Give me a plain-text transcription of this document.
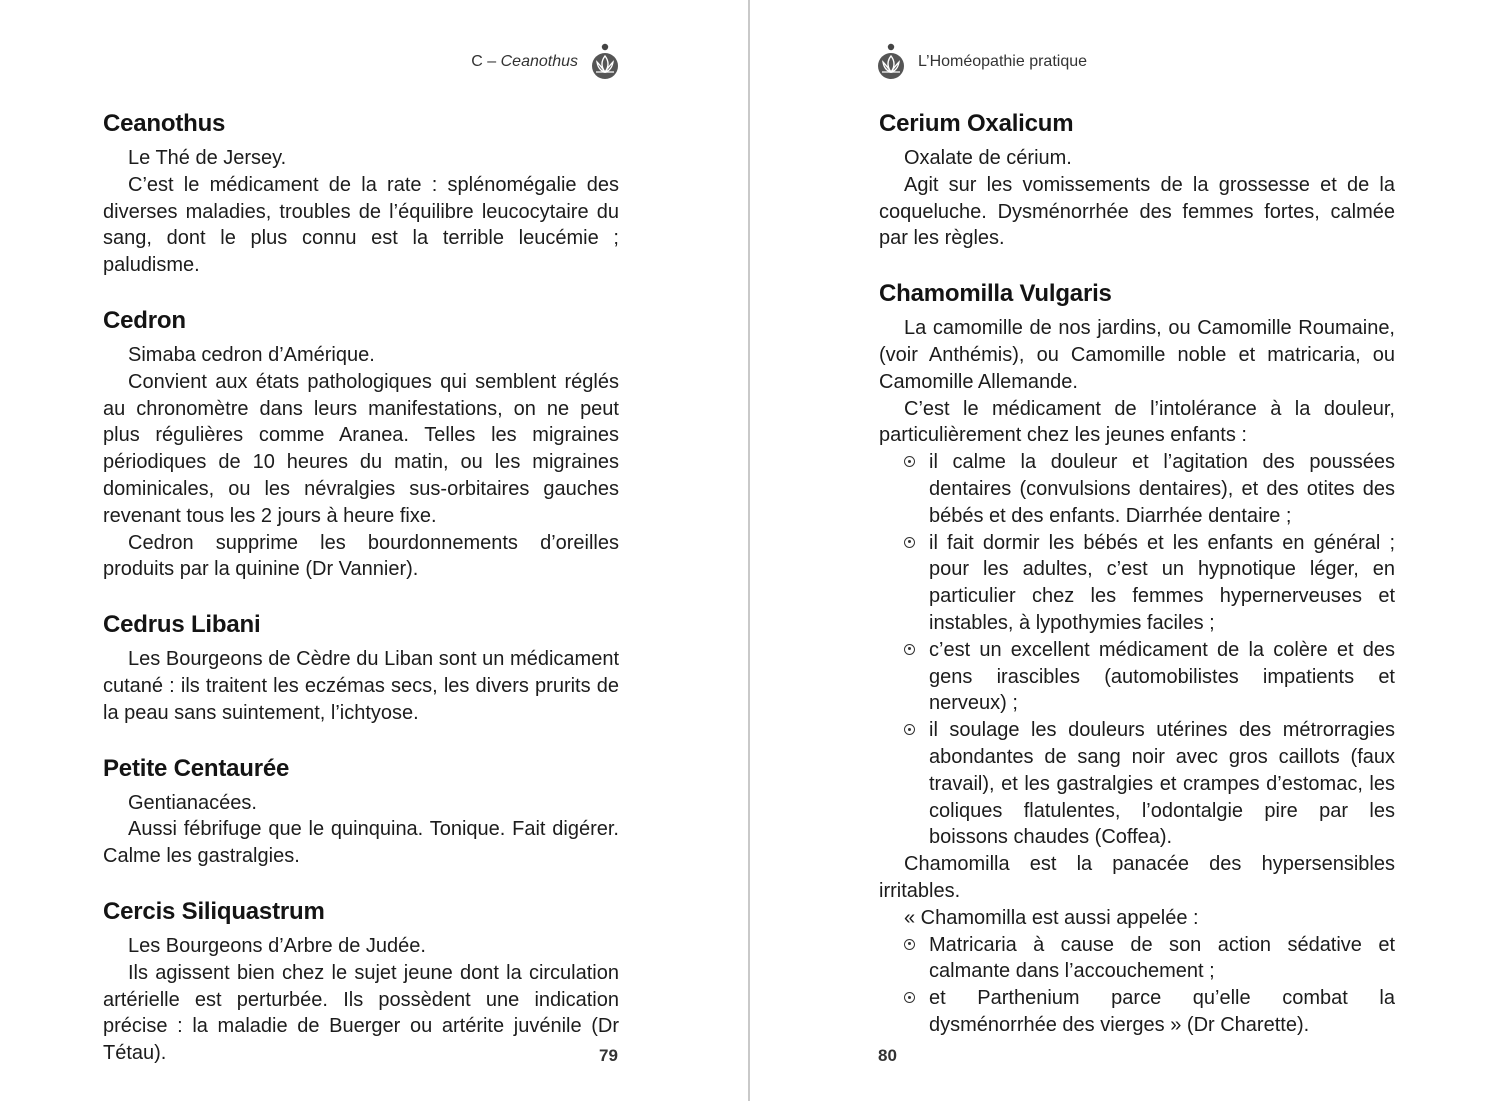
C – Ceanothus
Ceanothus

Le Thé de Jersey.

C’est le médicament de la rate : splénomégalie des diverses maladies, troubles de l’équilibre leucocytaire du sang, dont le plus connu est la terrible leucémie ; paludisme.

Cedron

Simaba cedron d’Amérique.

Convient aux états pathologiques qui semblent réglés au chronomètre dans leurs manifestations, on ne peut plus régulières comme Aranea. Telles les migraines périodiques de 10 heures du matin, ou les migraines dominicales, ou les névralgies sus-orbitaires gauches revenant tous les 2 jours à heure fixe.

Cedron supprime les bourdonnements d’oreilles produits par la quinine (Dr Vannier).

Cedrus Libani

Les Bourgeons de Cèdre du Liban sont un médicament cutané : ils traitent les eczémas secs, les divers prurits de la peau sans suintement, l’ichtyose.

Petite Centaurée

Gentianacées.

Aussi fébrifuge que le quinquina. Tonique. Fait digérer. Calme les gastralgies.

Cercis Siliquastrum

Les Bourgeons d’Arbre de Judée.

Ils agissent bien chez le sujet jeune dont la circulation artérielle est perturbée. Ils possèdent une indication précise : la maladie de Buerger ou artérite juvénile (Dr Tétau).	79
L’Homéopathie pratique
Cerium Oxalicum

Oxalate de cérium.

Agit sur les vomissements de la grossesse et de la coqueluche. Dysménorrhée des femmes fortes, calmée par les règles.

Chamomilla Vulgaris

La camomille de nos jardins, ou Camomille Roumaine, (voir Anthémis), ou Camomille noble et matricaria, ou Camomille Allemande.

C’est le médicament de l’intolérance à la douleur, particulièrement chez les jeunes enfants :

il calme la douleur et l’agitation des poussées dentaires (convulsions dentaires), et des otites des bébés et des enfants. Diarrhée dentaire ;
il fait dormir les bébés et les enfants en général ; pour les adultes, c’est un hypnotique léger, en particulier chez les femmes hypernerveuses et instables, à lypothymies faciles ;
c’est un excellent médicament de la colère et des gens irascibles (automobilistes impatients et nerveux) ;
il soulage les douleurs utérines des métrorragies abondantes de sang noir avec gros caillots (faux travail), et les gastralgies et crampes d’estomac, les coliques flatulentes, l’odontalgie pire par les boissons chaudes (Coffea).

Chamomilla est la panacée des hypersensibles irritables.

« Chamomilla est aussi appelée :

Matricaria à cause de son action sédative et calmante dans l’accouchement ;
et Parthenium parce qu’elle combat la dysménorrhée des vierges » (Dr Charette).
80
